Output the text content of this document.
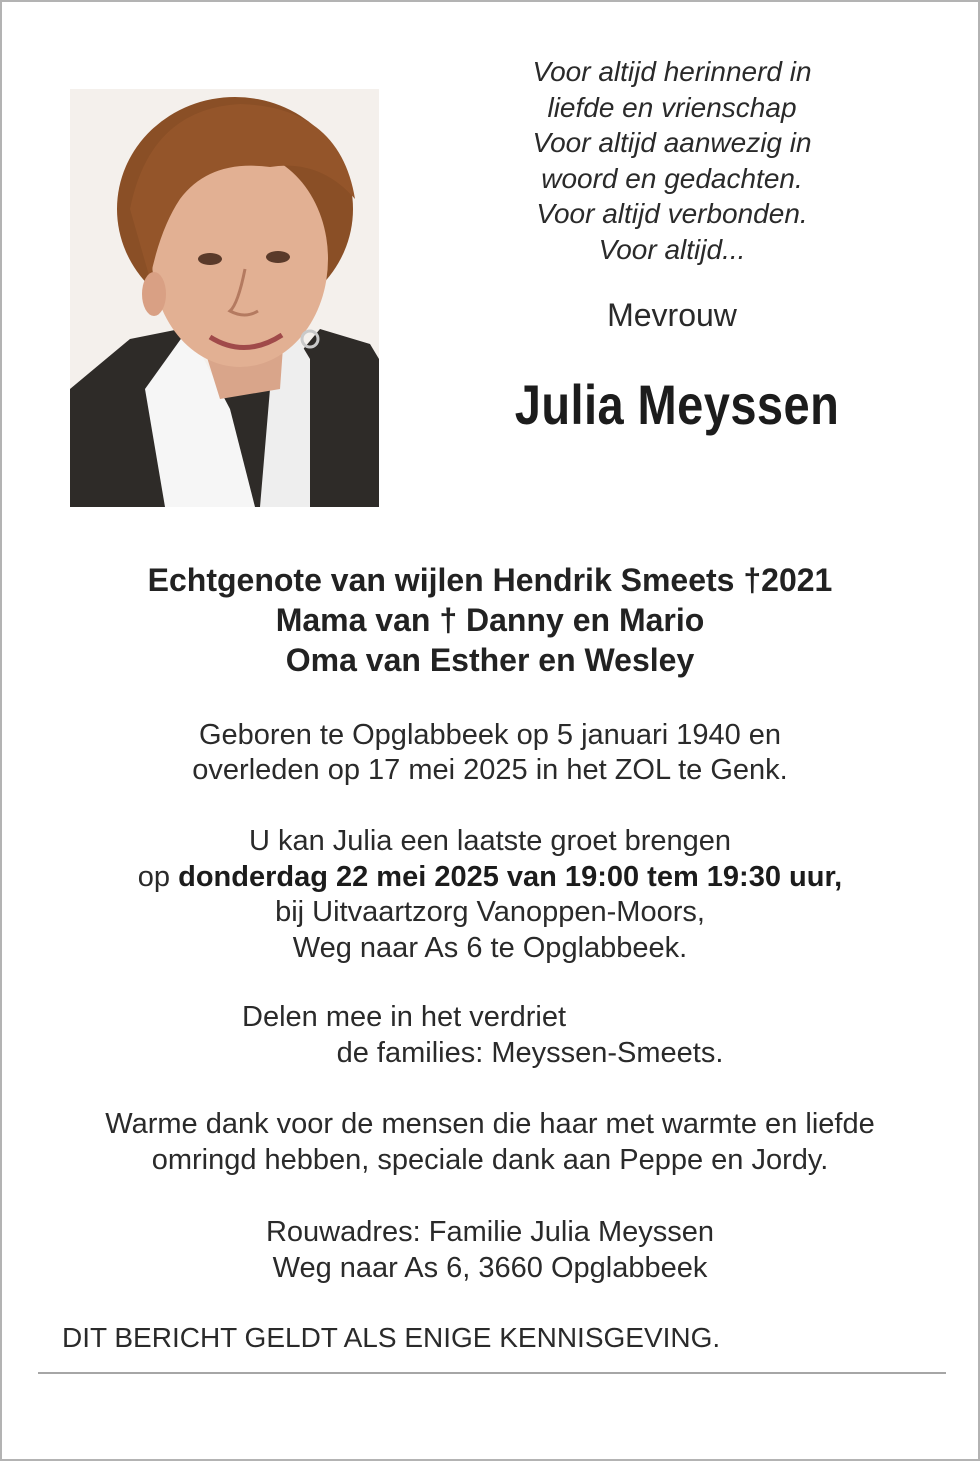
Voor altijd herinnerd in
liefde en vrienschap
Voor altijd aanwezig in
woord en gedachten.
Voor altijd verbonden.
Voor altijd...
Mevrouw
Julia Meyssen
Echtgenote van wijlen Hendrik Smeets †2021
Mama van † Danny en Mario
Oma van Esther en Wesley
Geboren te Opglabbeek op 5 januari 1940 en
overleden op 17 mei 2025 in het ZOL te Genk.
U kan Julia een laatste groet brengen
op donderdag 22 mei 2025 van 19:00 tem 19:30 uur,
bij Uitvaartzorg Vanoppen-Moors,
Weg naar As 6 te Opglabbeek.
Delen mee in het verdriet
de families: Meyssen-Smeets.
Warme dank voor de mensen die haar met warmte en liefde
omringd hebben, speciale dank aan Peppe en Jordy.
Rouwadres: Familie Julia Meyssen
Weg naar As 6, 3660 Opglabbeek
DIT BERICHT GELDT ALS ENIGE KENNISGEVING.
